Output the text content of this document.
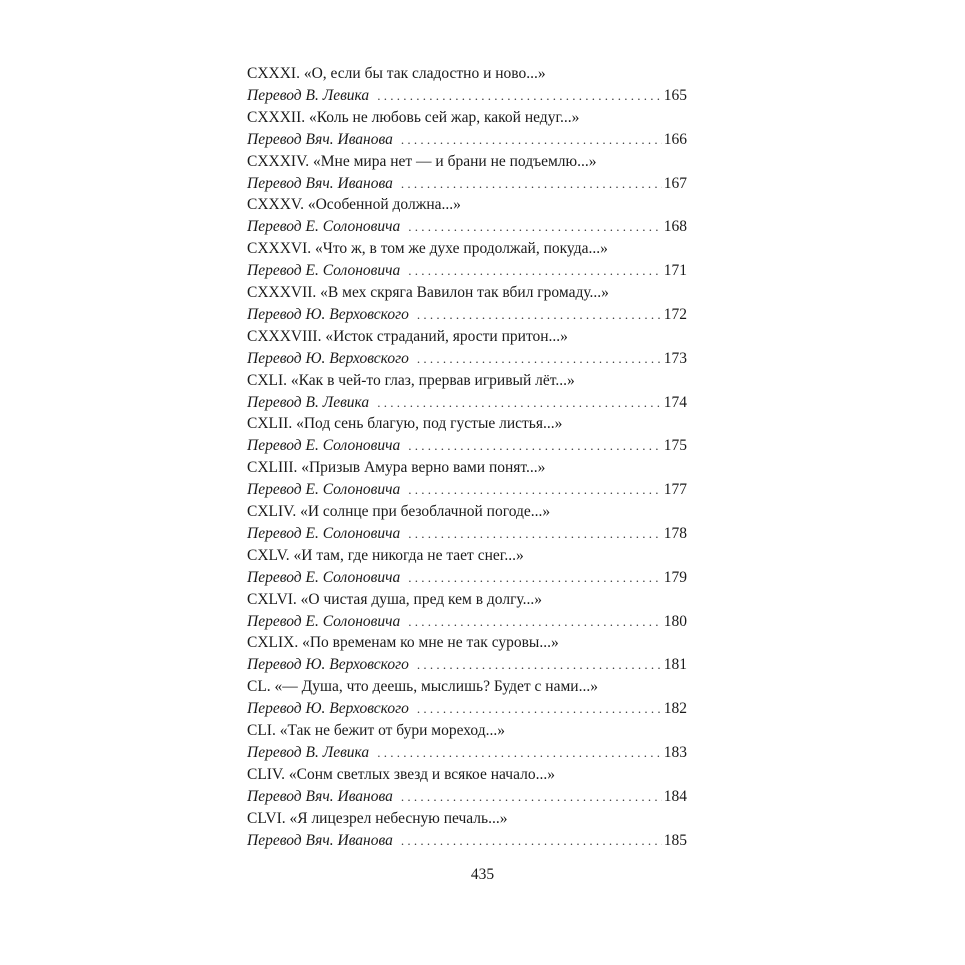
CXXXI. «О, если бы так сладостно и ново...»
Перевод В. Левика . . .	165
CXXXII. «Коль не любовь сей жар, какой недуг...»
Перевод Вяч. Иванова . . .	166
CXXXIV. «Мне мира нет — и брани не подъемлю...»
Перевод Вяч. Иванова . . .	167
CXXXV. «Особенной должна...»
Перевод Е. Солоновича . . .	168
CXXXVI. «Что ж, в том же духе продолжай, покуда...»
Перевод Е. Солоновича . . .	171
CXXXVII. «В мех скряга Вавилон так вбил громаду...»
Перевод Ю. Верховского . . .	172
CXXXVIII. «Исток страданий, ярости притон...»
Перевод Ю. Верховского . . .	173
CXLI. «Как в чей-то глаз, прервав игривый лёт...»
Перевод В. Левика . . .	174
CXLII. «Под сень благую, под густые листья...»
Перевод Е. Солоновича . . .	175
CXLIII. «Призыв Амура верно вами понят...»
Перевод Е. Солоновича . . .	177
CXLIV. «И солнце при безоблачной погоде...»
Перевод Е. Солоновича . . .	178
CXLV. «И там, где никогда не тает снег...»
Перевод Е. Солоновича . . .	179
CXLVI. «О чистая душа, пред кем в долгу...»
Перевод Е. Солоновича . . .	180
CXLIX. «По временам ко мне не так суровы...»
Перевод Ю. Верховского . . .	181
CL. «— Душа, что деешь, мыслишь? Будет с нами...»
Перевод Ю. Верховского . . .	182
CLI. «Так не бежит от бури мореход...»
Перевод В. Левика . . .	183
CLIV. «Сонм светлых звезд и всякое начало...»
Перевод Вяч. Иванова . . .	184
CLVI. «Я лицезрел небесную печаль...»
Перевод Вяч. Иванова . . .	185
435
